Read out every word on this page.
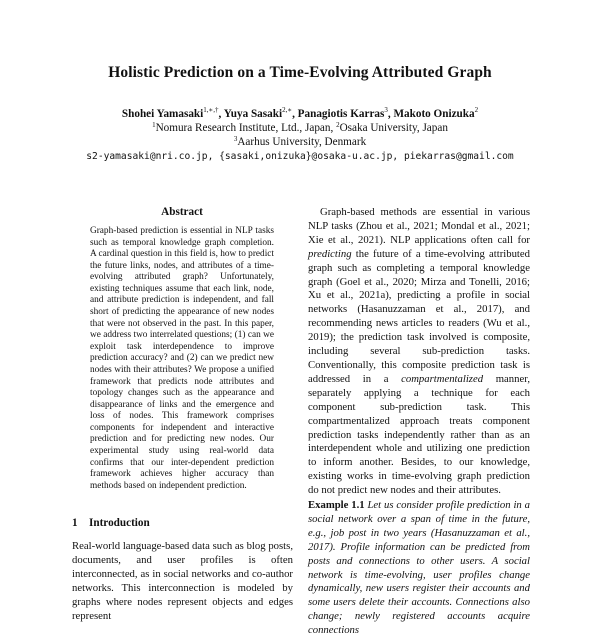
Holistic Prediction on a Time-Evolving Attributed Graph
Shohei Yamasaki$^{1,∗,\dagger}$, Yuya Sasaki$^{2,∗}$, Panagiotis Karras$^3$, Makoto Onizuka$^2$
$^1$Nomura Research Institute, Ltd., Japan, $^2$Osaka University, Japan
$^3$Aarhus University, Denmark
s2-yamasaki@nri.co.jp, {sasaki,onizuka}@osaka-u.ac.jp, piekarras@gmail.com
Abstract
Graph-based prediction is essential in NLP tasks such as temporal knowledge graph completion. A cardinal question in this field is, how to predict the future links, nodes, and attributes of a time-evolving attributed graph? Unfortunately, existing techniques assume that each link, node, and attribute prediction is independent, and fall short of predicting the appearance of new nodes that were not observed in the past. In this paper, we address two interrelated questions; (1) can we exploit task interdependence to improve prediction accuracy? and (2) can we predict new nodes with their attributes? We propose a unified framework that predicts node attributes and topology changes such as the appearance and disappearance of links and the emergence and loss of nodes. This framework comprises components for independent and interactive prediction and for predicting new nodes. Our experimental study using real-world data confirms that our inter-dependent prediction framework achieves higher accuracy than methods based on independent prediction.
1 Introduction
Real-world language-based data such as blog posts, documents, and user profiles is often interconnected, as in social networks and co-author networks. This interconnection is modeled by graphs where nodes represent objects and edges represent

Graph-based methods are essential in various NLP tasks (Zhou et al., 2021; Mondal et al., 2021; Xie et al., 2021). NLP applications often call for predicting the future of a time-evolving attributed graph such as completing a temporal knowledge graph (Goel et al., 2020; Mirza and Tonelli, 2016; Xu et al., 2021a), predicting a profile in social networks (Hasanuzzaman et al., 2017), and recommending news articles to readers (Wu et al., 2019); the prediction task involved is composite, including several sub-prediction tasks. Conventionally, this composite prediction task is addressed in a compartmentalized manner, separately applying a technique for each component sub-prediction task. This compartmentalized approach treats component prediction tasks independently rather than as an interdependent whole and utilizing one prediction to inform another. Besides, to our knowledge, existing works in time-evolving graph prediction do not predict new nodes and their attributes.

Example 1.1 Let us consider profile prediction in a social network over a span of time in the future, e.g., job post in two years (Hasanuzzaman et al., 2017). Profile information can be predicted from posts and connections to other users. A social network is time-evolving, user profiles change dynamically, new users register their accounts and some users delete their accounts. Connections also change; newly registered accounts acquire connections
